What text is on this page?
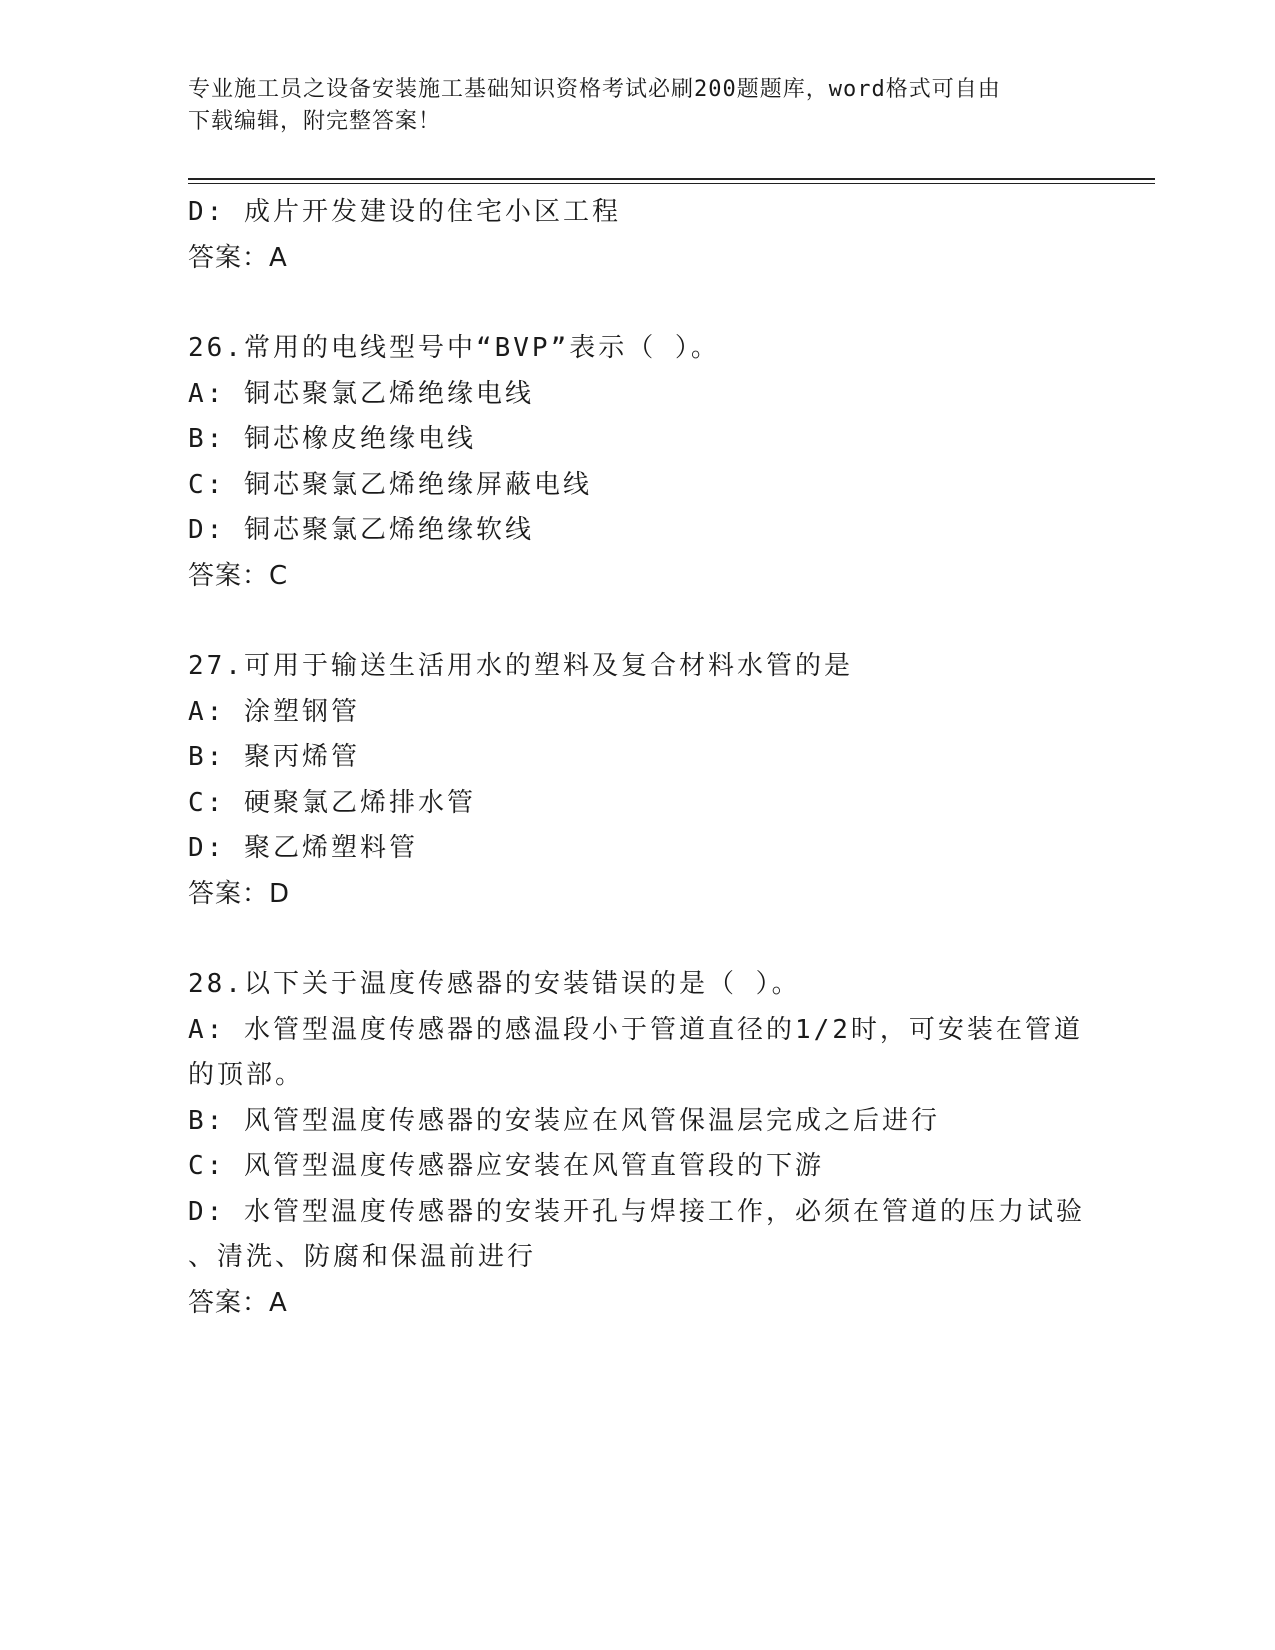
专业施工员之设备安装施工基础知识资格考试必刷200题题库，word格式可自由
下载编辑，附完整答案！
D: 成片开发建设的住宅小区工程
答案：A
26.常用的电线型号中“BVP”表示（ ）。
A: 铜芯聚氯乙烯绝缘电线
B: 铜芯橡皮绝缘电线
C: 铜芯聚氯乙烯绝缘屏蔽电线
D: 铜芯聚氯乙烯绝缘软线
答案：C
27.可用于输送生活用水的塑料及复合材料水管的是
A: 涂塑钢管
B: 聚丙烯管
C: 硬聚氯乙烯排水管
D: 聚乙烯塑料管
答案：D
28.以下关于温度传感器的安装错误的是（ ）。
A: 水管型温度传感器的感温段小于管道直径的1/2时，可安装在管道
的顶部。
B: 风管型温度传感器的安装应在风管保温层完成之后进行
C: 风管型温度传感器应安装在风管直管段的下游
D: 水管型温度传感器的安装开孔与焊接工作，必须在管道的压力试验
、清洗、防腐和保温前进行
答案：A
